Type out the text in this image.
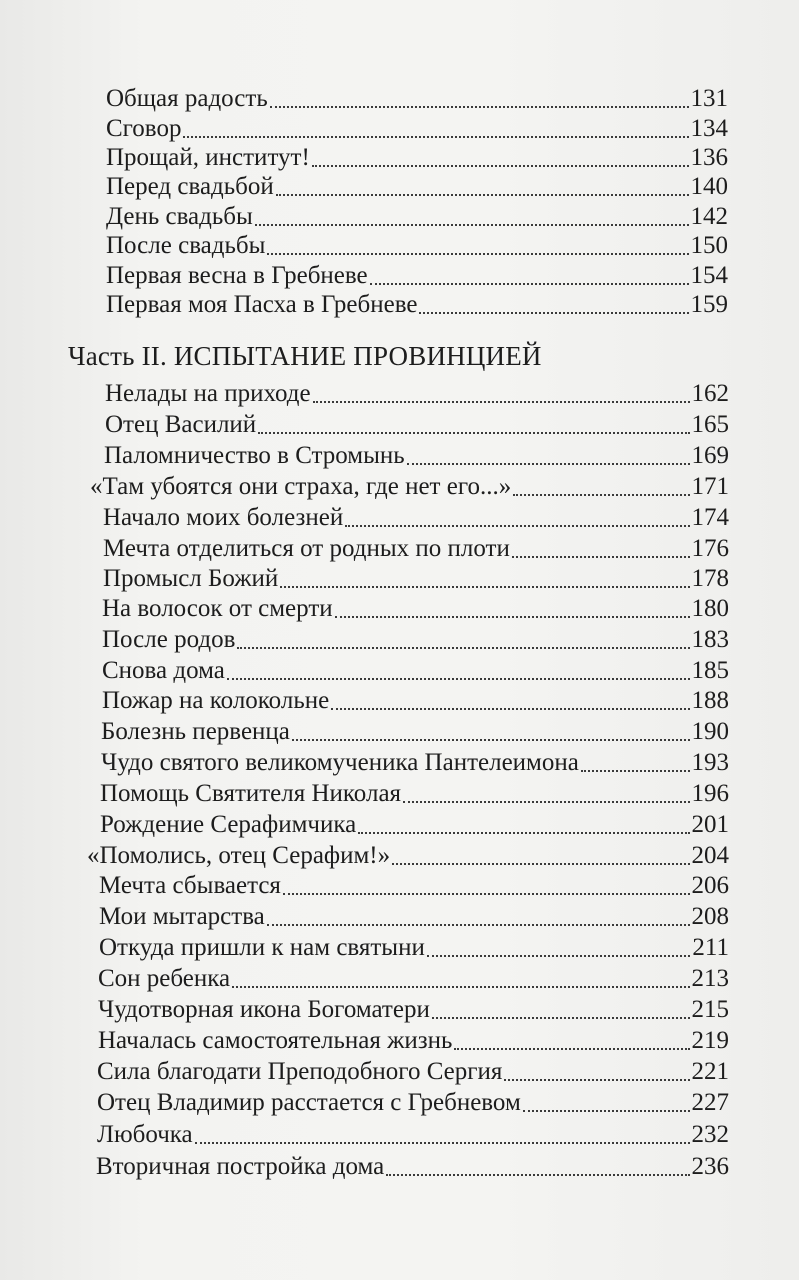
Общая радость	131
Сговор	134
Прощай, институт!	136
Перед свадьбой	140
День свадьбы	142
После свадьбы	150
Первая весна в Гребневе	154
Первая моя Пасха в Гребневе	159
Часть II. ИСПЫТАНИЕ ПРОВИНЦИЕЙ
Нелады на приходе	162
Отец Василий	165
Паломничество в Стромынь	169
«Там убоятся они страха, где нет его...»	171
Начало моих болезней	174
Мечта отделиться от родных по плоти	176
Промысл Божий	178
На волосок от смерти	180
После родов	183
Снова дома	185
Пожар на колокольне	188
Болезнь первенца	190
Чудо святого великомученика Пантелеимона	193
Помощь Святителя Николая	196
Рождение Серафимчика	201
«Помолись, отец Серафим!»	204
Мечта сбывается	206
Мои мытарства	208
Откуда пришли к нам святыни	211
Сон ребенка	213
Чудотворная икона Богоматери	215
Началась самостоятельная жизнь	219
Сила благодати Преподобного Сергия	221
Отец Владимир расстается с Гребневом	227
Любочка	232
Вторичная постройка дома	236
